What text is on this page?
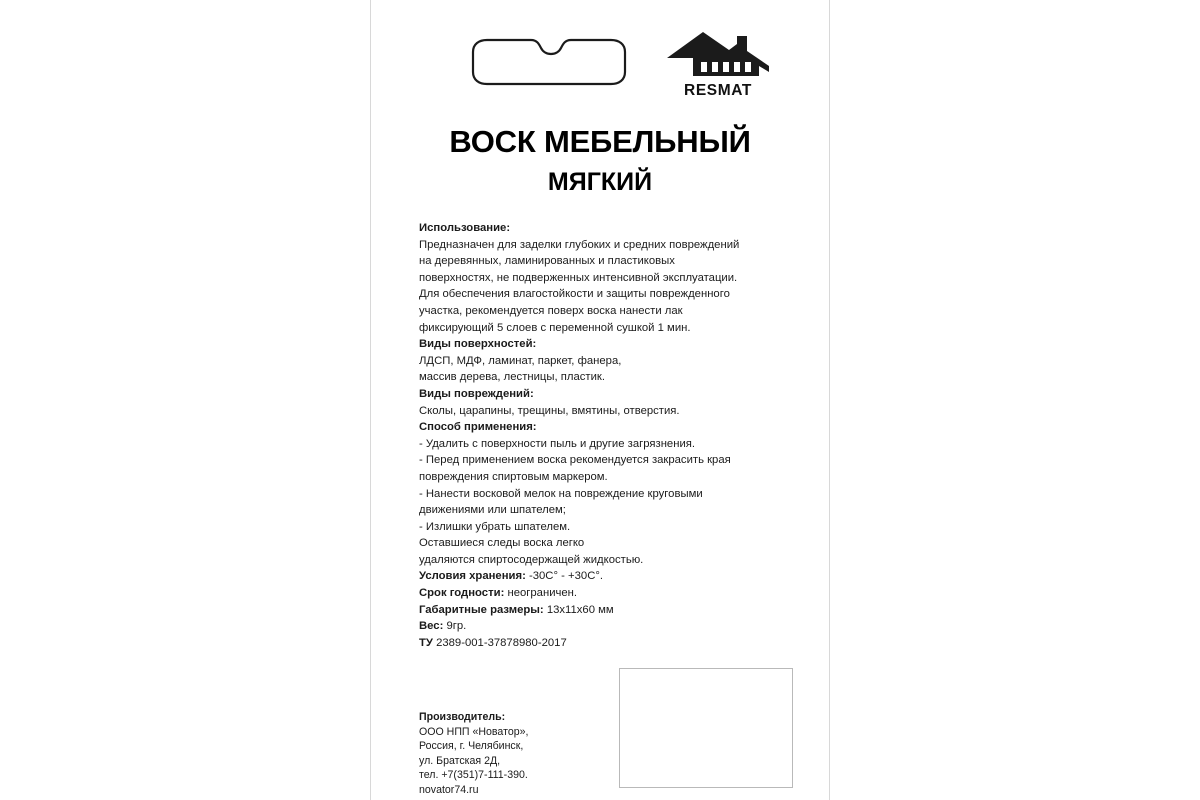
RESMAT
ВОСК МЕБЕЛЬНЫЙ
МЯГКИЙ
Использование:
Предназначен для заделки глубоких и средних повреждений
на деревянных, ламинированных и пластиковых
поверхностях, не подверженных интенсивной эксплуатации.
Для обеспечения влагостойкости и защиты поврежденного
участка, рекомендуется поверх воска нанести лак
фиксирующий 5 слоев с переменной сушкой 1 мин.
Виды поверхностей:
ЛДСП, МДФ, ламинат, паркет, фанера,
массив дерева, лестницы, пластик.
Виды повреждений:
Сколы, царапины, трещины, вмятины, отверстия.
Способ применения:
- Удалить с поверхности пыль и другие загрязнения.
- Перед применением воска рекомендуется закрасить края
повреждения спиртовым маркером.
- Нанести восковой мелок на повреждение круговыми
движениями или шпателем;
- Излишки убрать шпателем.
Оставшиеся следы воска легко
удаляются спиртосодержащей жидкостью.
Условия хранения: -30С° - +30С°.
Срок годности: неограничен.
Габаритные размеры: 13х11х60 мм
Вес: 9гр.
ТУ 2389-001-37878980-2017
Производитель:
ООО НПП «Новатор»,
Россия, г. Челябинск,
ул. Братская 2Д,
тел. +7(351)7-111-390.
novator74.ru
